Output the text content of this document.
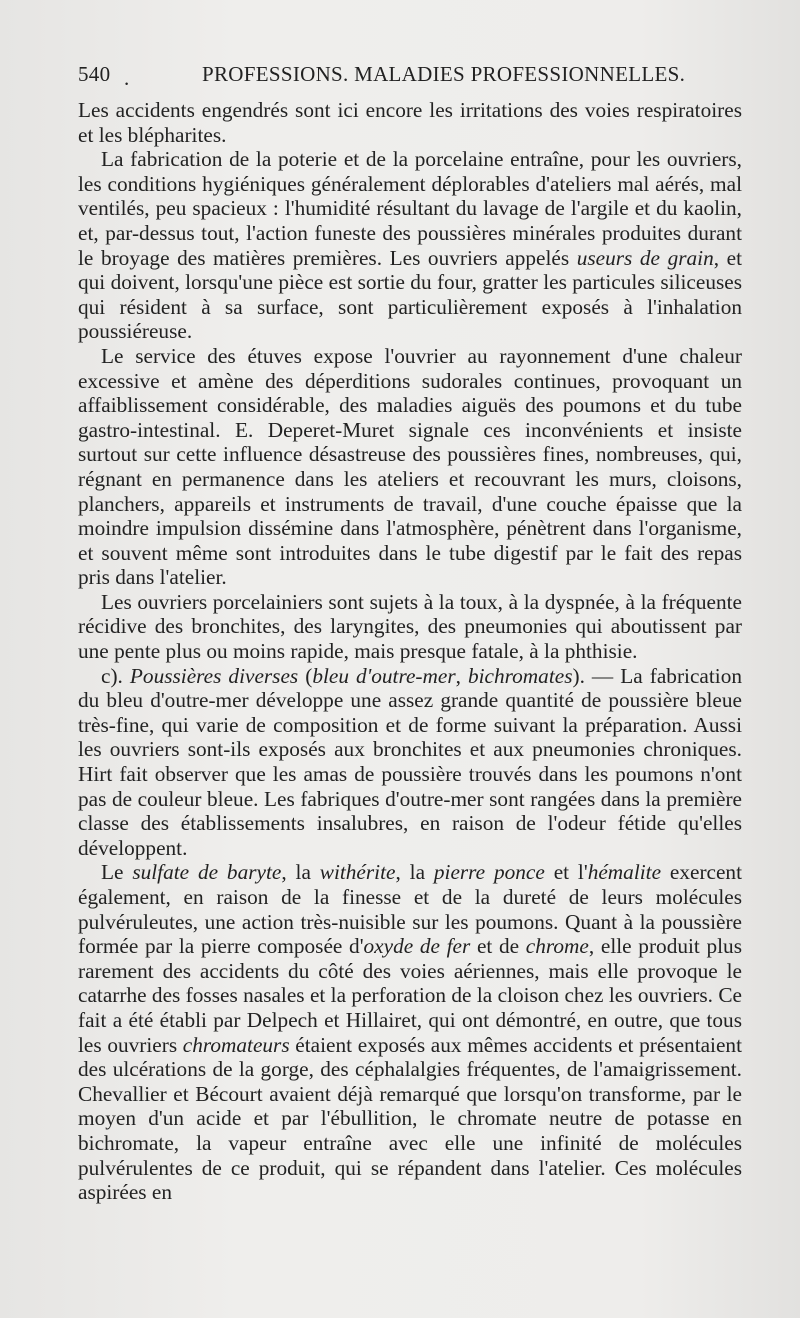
540 .	PROFESSIONS. MALADIES PROFESSIONNELLES.

Les accidents engendrés sont ici encore les irritations des voies respiratoires et les blépharites.

La fabrication de la poterie et de la porcelaine entraîne, pour les ouvriers, les conditions hygiéniques généralement déplorables d'ateliers mal aérés, mal ventilés, peu spacieux : l'humidité résultant du lavage de l'argile et du kaolin, et, par-dessus tout, l'action funeste des poussières minérales produites durant le broyage des matières premières. Les ouvriers appelés useurs de grain, et qui doivent, lorsqu'une pièce est sortie du four, gratter les particules siliceuses qui résident à sa surface, sont particulièrement exposés à l'inhalation poussiéreuse.

Le service des étuves expose l'ouvrier au rayonnement d'une chaleur excessive et amène des déperditions sudorales continues, provoquant un affaiblissement considérable, des maladies aiguës des poumons et du tube gastro-intestinal. E. Deperet-Muret signale ces inconvénients et insiste surtout sur cette influence désastreuse des poussières fines, nombreuses, qui, régnant en permanence dans les ateliers et recouvrant les murs, cloisons, planchers, appareils et instruments de travail, d'une couche épaisse que la moindre impulsion dissémine dans l'atmosphère, pénètrent dans l'organisme, et souvent même sont introduites dans le tube digestif par le fait des repas pris dans l'atelier.

Les ouvriers porcelainiers sont sujets à la toux, à la dyspnée, à la fréquente récidive des bronchites, des laryngites, des pneumonies qui aboutissent par une pente plus ou moins rapide, mais presque fatale, à la phthisie.

c). Poussières diverses (bleu d'outre-mer, bichromates). — La fabrication du bleu d'outre-mer développe une assez grande quantité de poussière bleue très-fine, qui varie de composition et de forme suivant la préparation. Aussi les ouvriers sont-ils exposés aux bronchites et aux pneumonies chroniques. Hirt fait observer que les amas de poussière trouvés dans les poumons n'ont pas de couleur bleue. Les fabriques d'outre-mer sont rangées dans la première classe des établissements insalubres, en raison de l'odeur fétide qu'elles développent.

Le sulfate de baryte, la withérite, la pierre ponce et l'hémalite exercent également, en raison de la finesse et de la dureté de leurs molécules pulvéruleutes, une action très-nuisible sur les poumons. Quant à la poussière formée par la pierre composée d'oxyde de fer et de chrome, elle produit plus rarement des accidents du côté des voies aériennes, mais elle provoque le catarrhe des fosses nasales et la perforation de la cloison chez les ouvriers. Ce fait a été établi par Delpech et Hillairet, qui ont démontré, en outre, que tous les ouvriers chromateurs étaient exposés aux mêmes accidents et présentaient des ulcérations de la gorge, des céphalalgies fréquentes, de l'amaigrissement. Chevallier et Bécourt avaient déjà remarqué que lorsqu'on transforme, par le moyen d'un acide et par l'ébullition, le chromate neutre de potasse en bichromate, la vapeur entraîne avec elle une infinité de molécules pulvérulentes de ce produit, qui se répandent dans l'atelier. Ces molécules aspirées en
